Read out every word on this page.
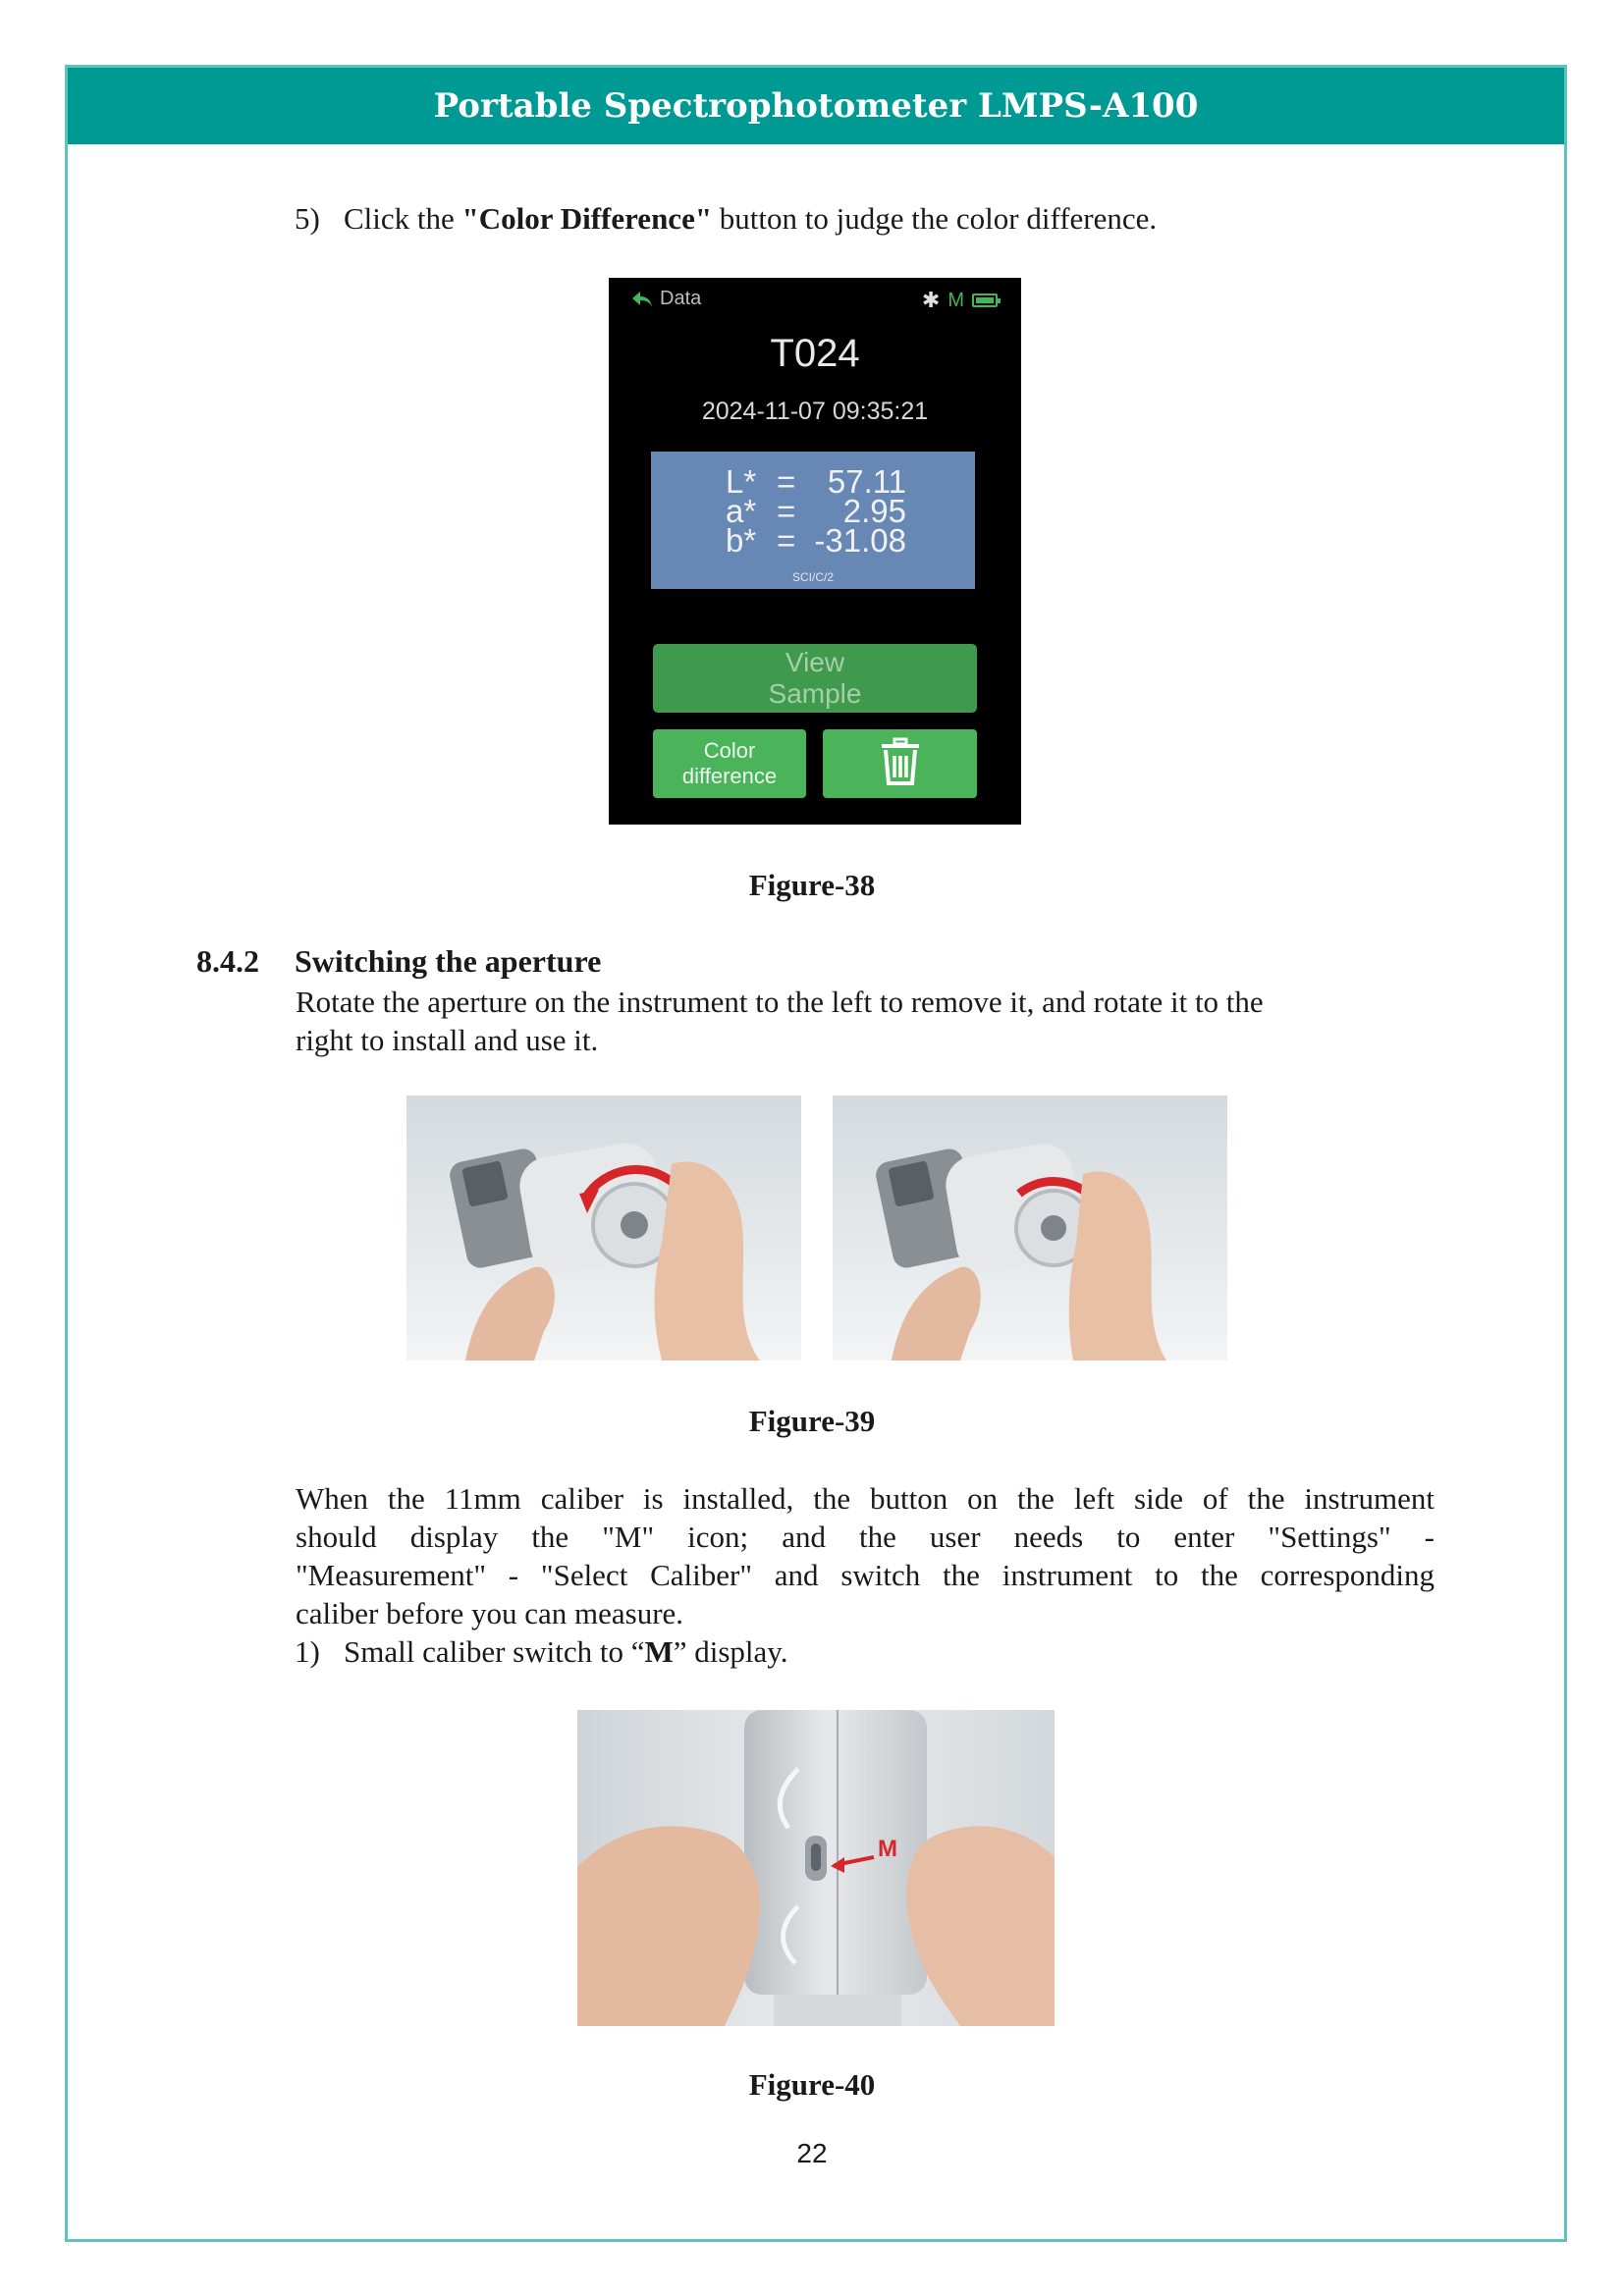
Portable Spectrophotometer LMPS-A100
5) Click the "Color Difference" button to judge the color difference.
Data	✱ M
T024
2024-11-07 09:35:21
L* = 57.11
a* = 2.95
b* = -31.08
SCI/C/2
View
Sample
Color
difference
Figure-38
8.4.2 Switching the aperture
Rotate the aperture on the instrument to the left to remove it, and rotate it to the
right to install and use it.
Figure-39
When the 11mm caliber is installed, the button on the left side of the instrument
should display the "M" icon; and the user needs to enter "Settings" -
"Measurement" - "Select Caliber" and switch the instrument to the corresponding
caliber before you can measure.
1) Small caliber switch to “M” display.
M
Figure-40
22
